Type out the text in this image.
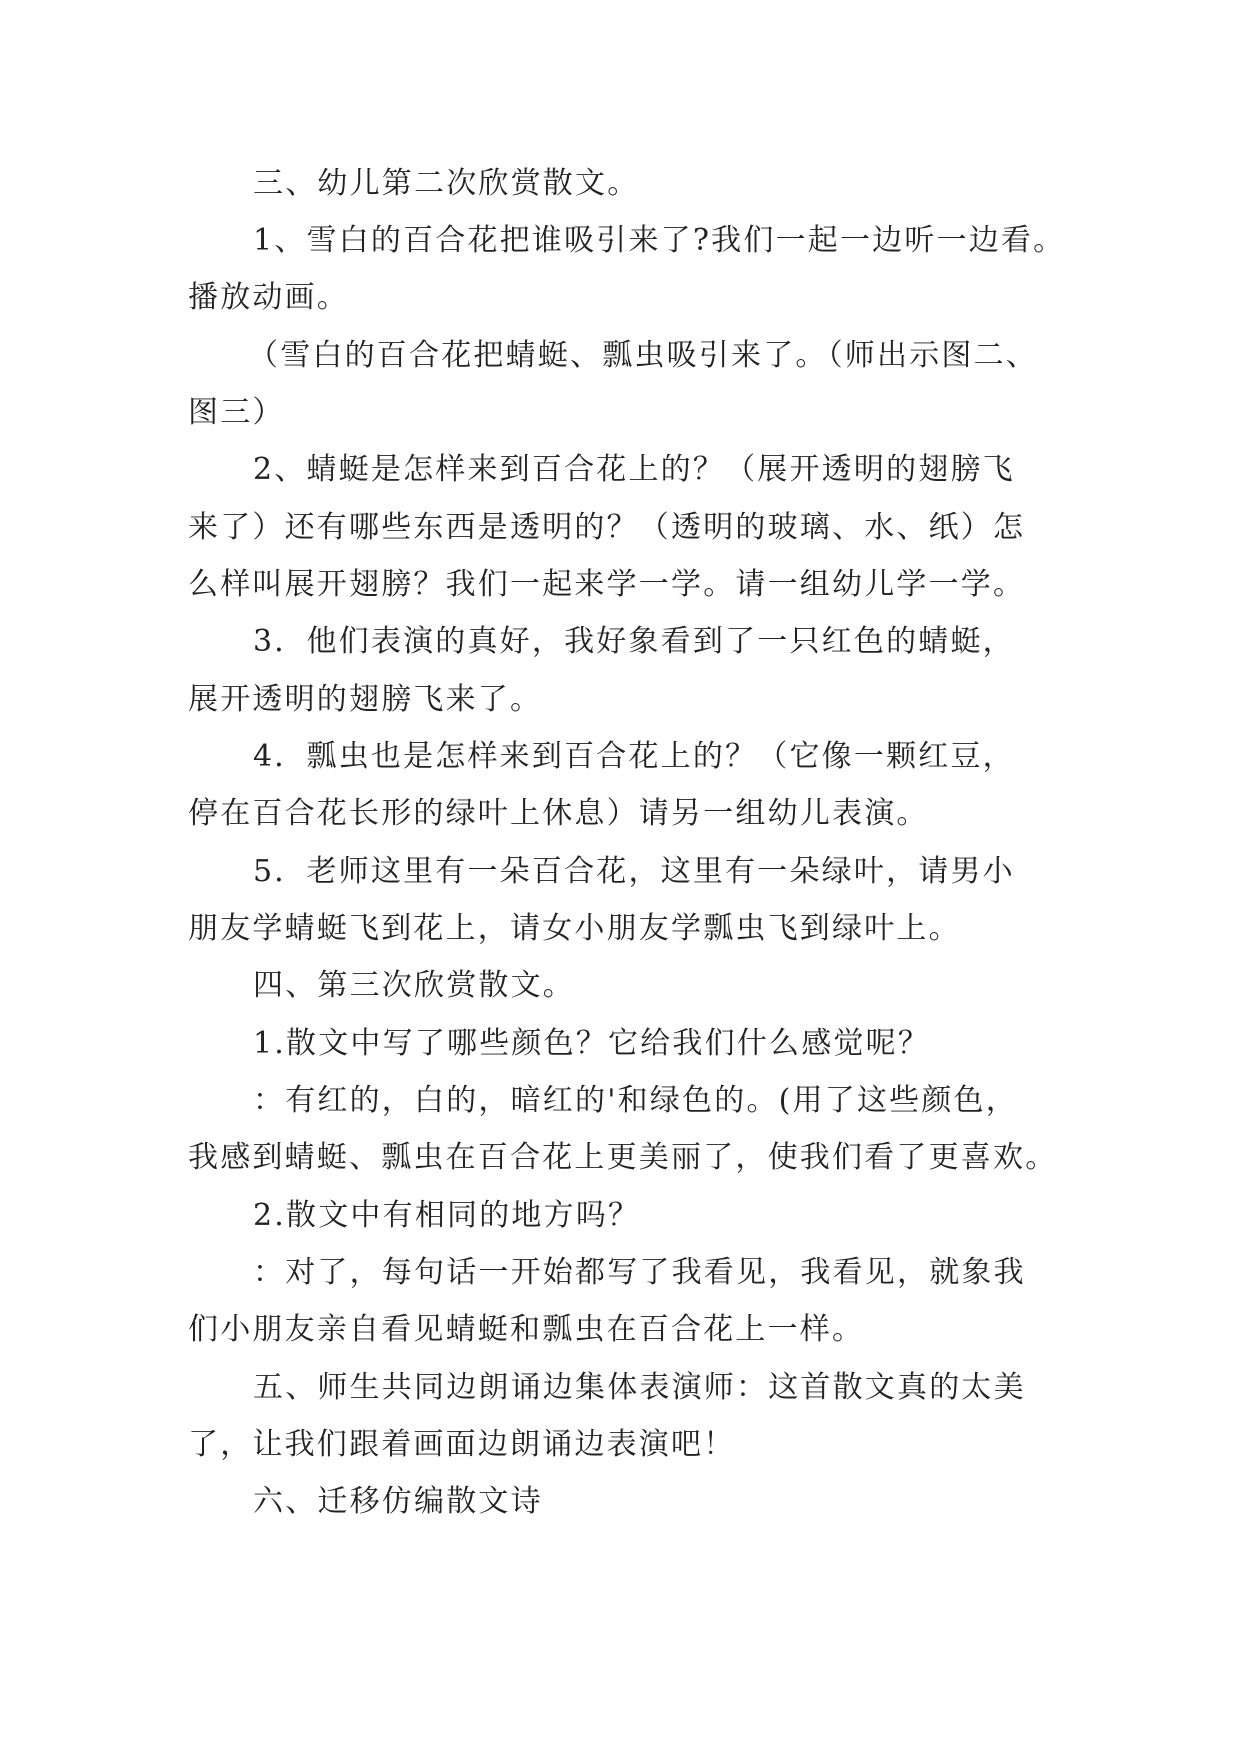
三、幼儿第二次欣赏散文。
1、雪白的百合花把谁吸引来了?我们一起一边听一边看。
播放动画。
（雪白的百合花把蜻蜓、瓢虫吸引来了。（师出示图二、
图三）
2、蜻蜓是怎样来到百合花上的？（展开透明的翅膀飞
来了）还有哪些东西是透明的？（透明的玻璃、水、纸）怎
么样叫展开翅膀？我们一起来学一学。请一组幼儿学一学。
3．他们表演的真好，我好象看到了一只红色的蜻蜓，
展开透明的翅膀飞来了。
4．瓢虫也是怎样来到百合花上的？（它像一颗红豆，
停在百合花长形的绿叶上休息）请另一组幼儿表演。
5．老师这里有一朵百合花，这里有一朵绿叶，请男小
朋友学蜻蜓飞到花上，请女小朋友学瓢虫飞到绿叶上。
四、第三次欣赏散文。
1.散文中写了哪些颜色？它给我们什么感觉呢？
：有红的，白的，暗红的'和绿色的。(用了这些颜色，
我感到蜻蜓、瓢虫在百合花上更美丽了，使我们看了更喜欢。
2.散文中有相同的地方吗？
：对了，每句话一开始都写了我看见，我看见，就象我
们小朋友亲自看见蜻蜓和瓢虫在百合花上一样。
五、师生共同边朗诵边集体表演师：这首散文真的太美
了，让我们跟着画面边朗诵边表演吧！
六、迁移仿编散文诗
